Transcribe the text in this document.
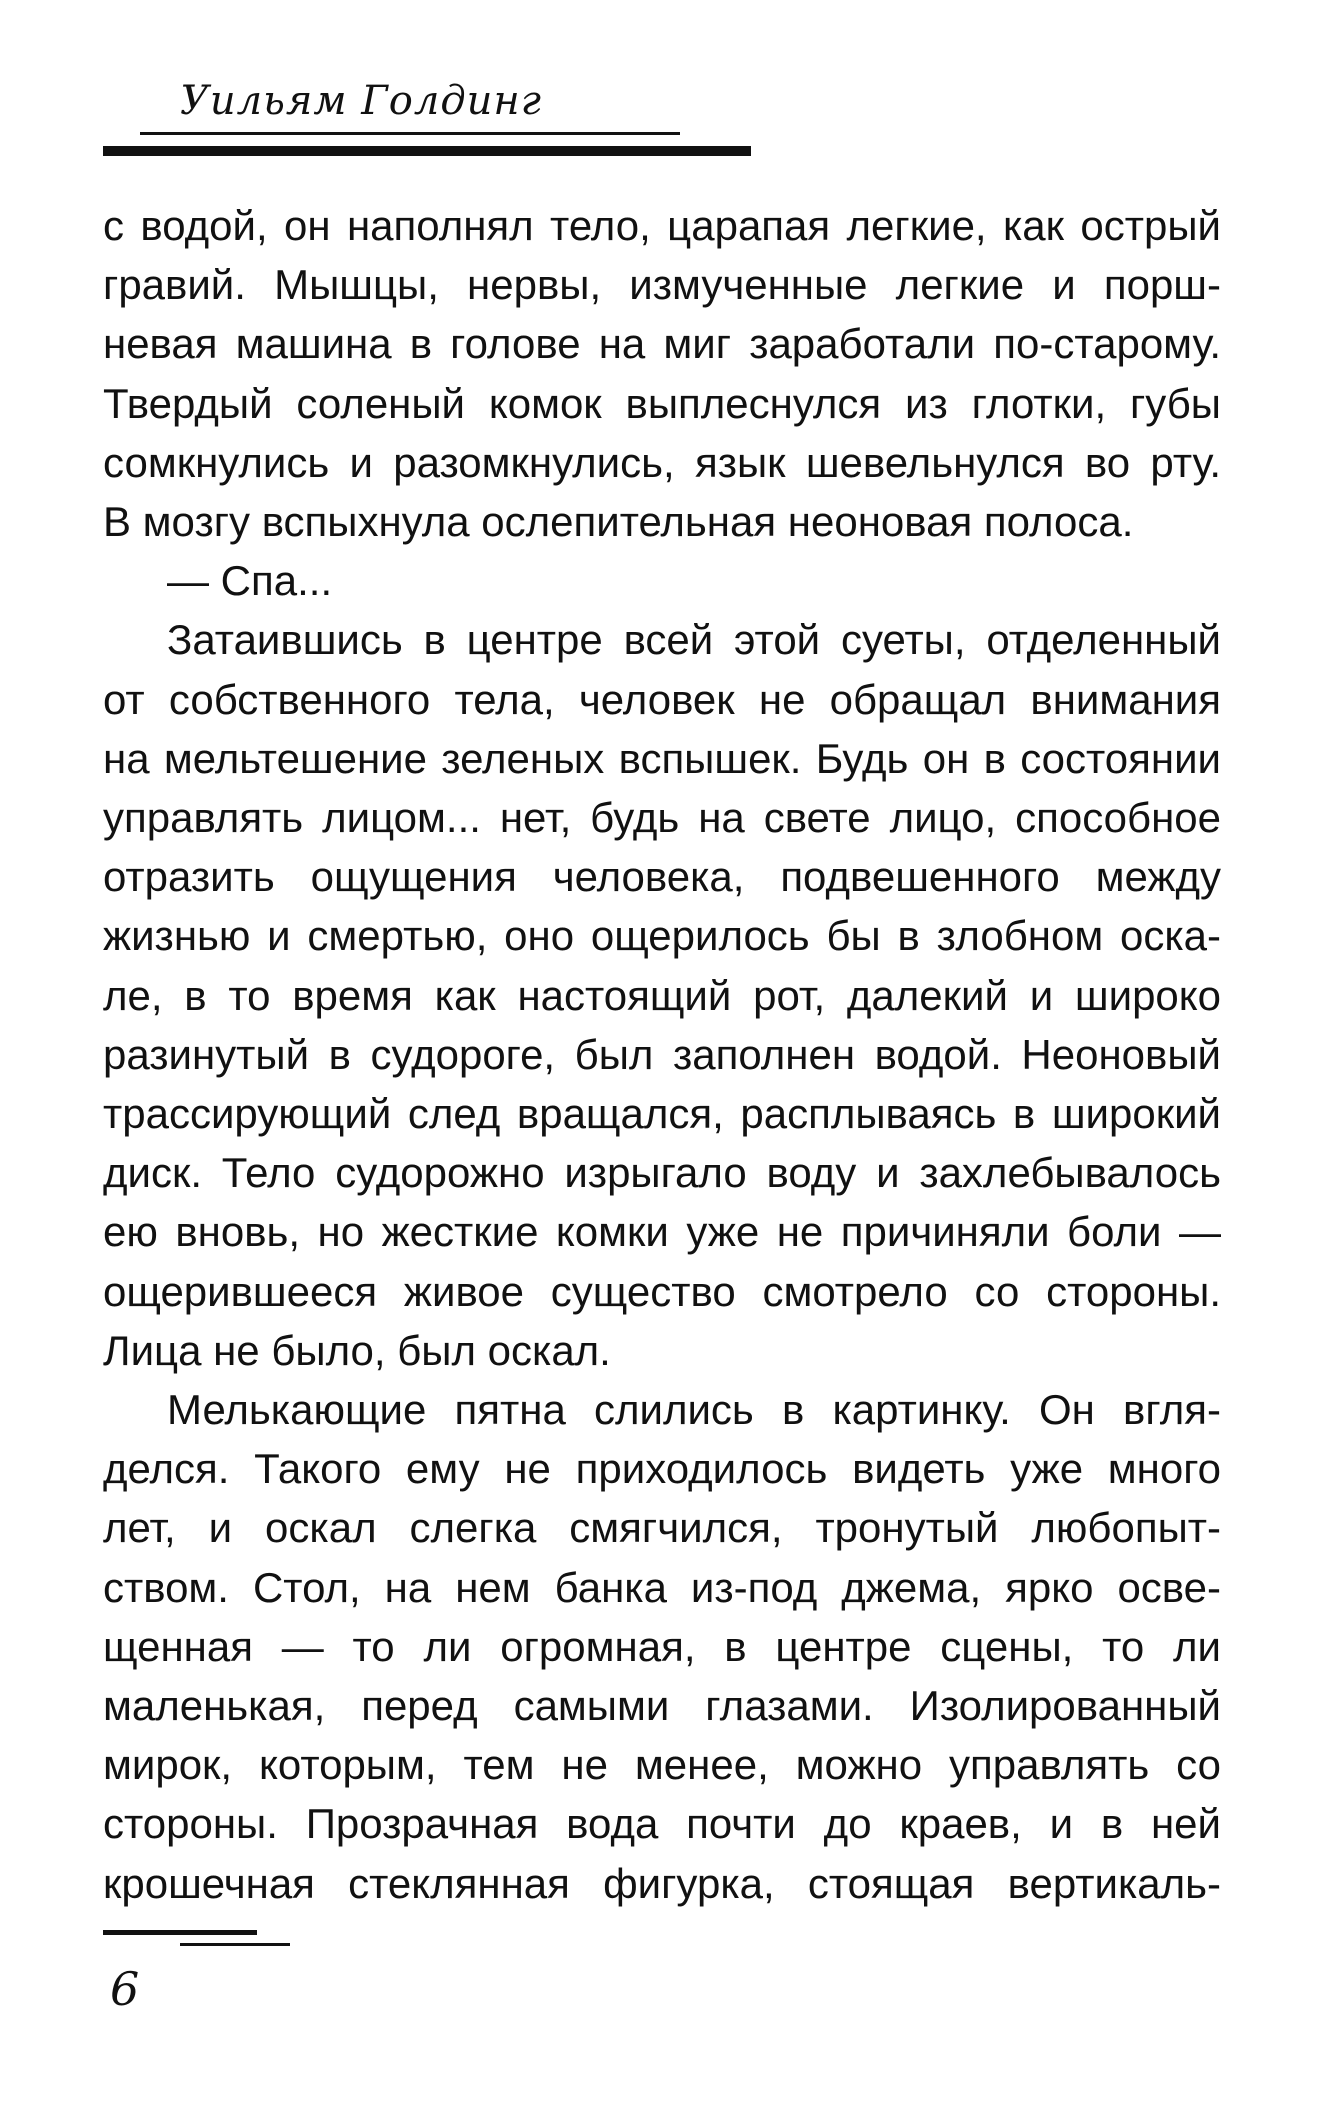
Уильям Голдинг
с водой, он наполнял тело, царапая легкие, как острый
гравий. Мышцы, нервы, измученные легкие и порш-
невая машина в голове на миг заработали по-старому.
Твердый соленый комок выплеснулся из глотки, губы
сомкнулись и разомкнулись, язык шевельнулся во рту.
В мозгу вспыхнула ослепительная неоновая полоса.
— Спа...
Затаившись в центре всей этой суеты, отделенный
от собственного тела, человек не обращал внимания
на мельтешение зеленых вспышек. Будь он в состоянии
управлять лицом... нет, будь на свете лицо, способное
отразить ощущения человека, подвешенного между
жизнью и смертью, оно ощерилось бы в злобном оска-
ле, в то время как настоящий рот, далекий и широко
разинутый в судороге, был заполнен водой. Неоновый
трассирующий след вращался, расплываясь в широкий
диск. Тело судорожно изрыгало воду и захлебывалось
ею вновь, но жесткие комки уже не причиняли боли —
ощерившееся живое существо смотрело со стороны.
Лица не было, был оскал.
Мелькающие пятна слились в картинку. Он вгля-
делся. Такого ему не приходилось видеть уже много
лет, и оскал слегка смягчился, тронутый любопыт-
ством. Стол, на нем банка из-под джема, ярко осве-
щенная — то ли огромная, в центре сцены, то ли
маленькая, перед самыми глазами. Изолированный
мирок, которым, тем не менее, можно управлять со
стороны. Прозрачная вода почти до краев, и в ней
крошечная стеклянная фигурка, стоящая вертикаль-
6
